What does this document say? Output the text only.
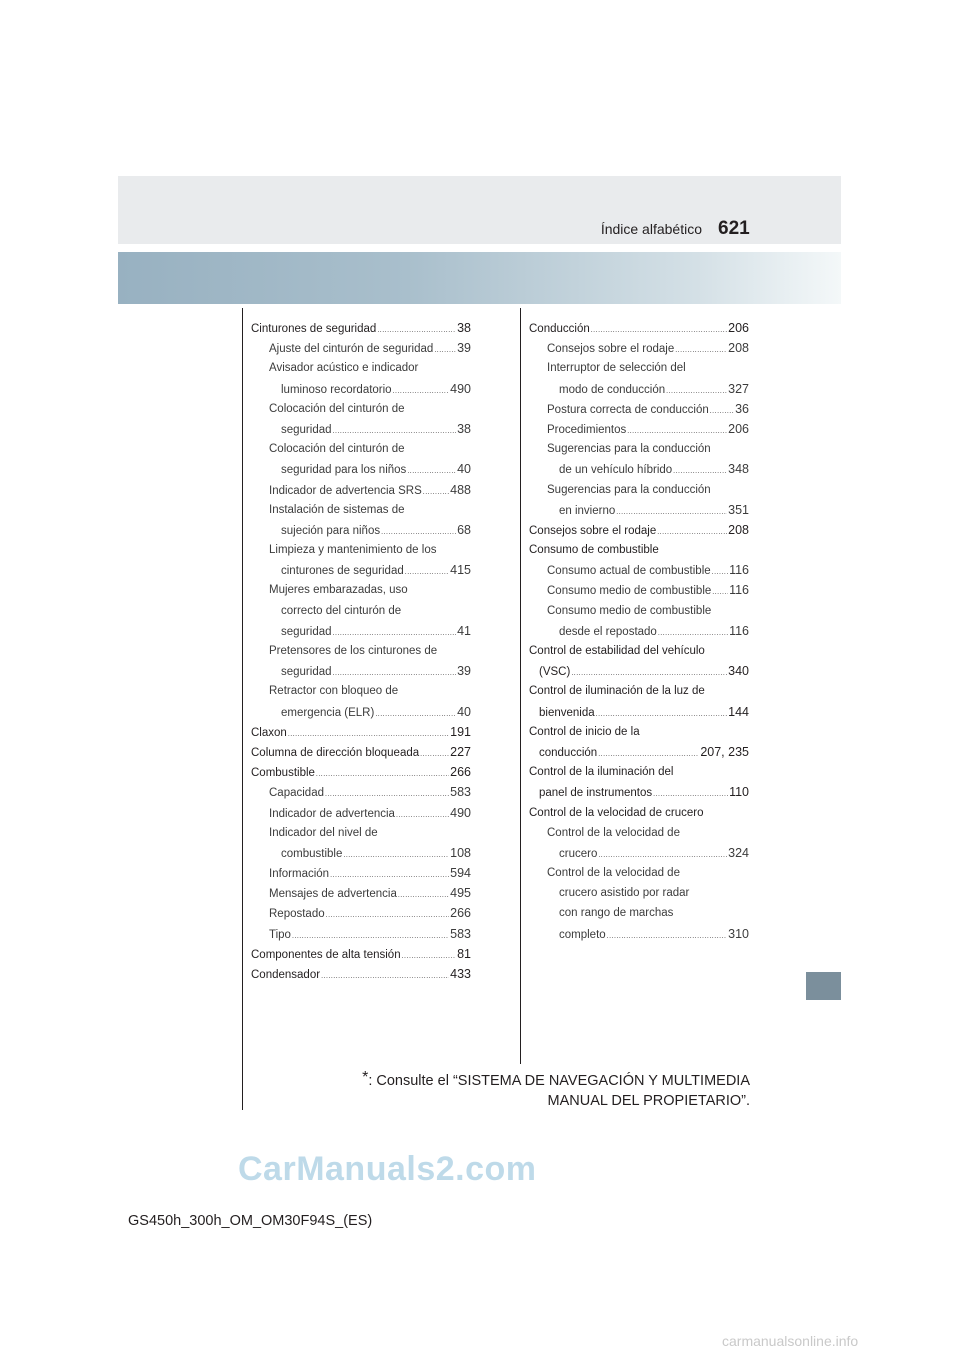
Índice alfabético 621
Cinturones de seguridad .....	38
Ajuste del cinturón de seguridad ..... 39
Avisador acústico e indicador
luminoso recordatorio .....	490
Colocación del cinturón de
seguridad .....	38
Colocación del cinturón de
seguridad para los niños .....	40
Indicador de advertencia SRS ..... 488
Instalación de sistemas de
sujeción para niños .....	68
Limpieza y mantenimiento de los
cinturones de seguridad .....	415
Mujeres embarazadas, uso
correcto del cinturón de
seguridad .....	41
Pretensores de los cinturones de
seguridad .....	39
Retractor con bloqueo de
emergencia (ELR) .....	40
Claxon .....	191
Columna de dirección bloqueada ..... 227
Combustible .....	266
Capacidad .....	583
Indicador de advertencia .....	490
Indicador del nivel de
combustible .....	108
Información .....	594
Mensajes de advertencia .....	495
Repostado .....	266
Tipo .....	583
Componentes de alta tensión .....	81
Condensador .....	433
Conducción .....	206
Consejos sobre el rodaje .....	208
Interruptor de selección del
modo de conducción .....	327
Postura correcta de conducción ..... 36
Procedimientos .....	206
Sugerencias para la conducción
de un vehículo híbrido .....	348
Sugerencias para la conducción
en invierno .....	351
Consejos sobre el rodaje .....	208
Consumo de combustible
Consumo actual de combustible ..... 116
Consumo medio de combustible ..... 116
Consumo medio de combustible
desde el repostado .....	116
Control de estabilidad del vehículo
(VSC) .....	340
Control de iluminación de la luz de
bienvenida .....	144
Control de inicio de la
conducción .....	207, 235
Control de la iluminación del
panel de instrumentos .....	110
Control de la velocidad de crucero
Control de la velocidad de
crucero .....	324
Control de la velocidad de
crucero asistido por radar
con rango de marchas
completo .....	310
*: Consulte el “SISTEMA DE NAVEGACIÓN Y MULTIMEDIA
MANUAL DEL PROPIETARIO”.
CarManuals2.com
GS450h_300h_OM_OM30F94S_(ES)
carmanualsonline.info
